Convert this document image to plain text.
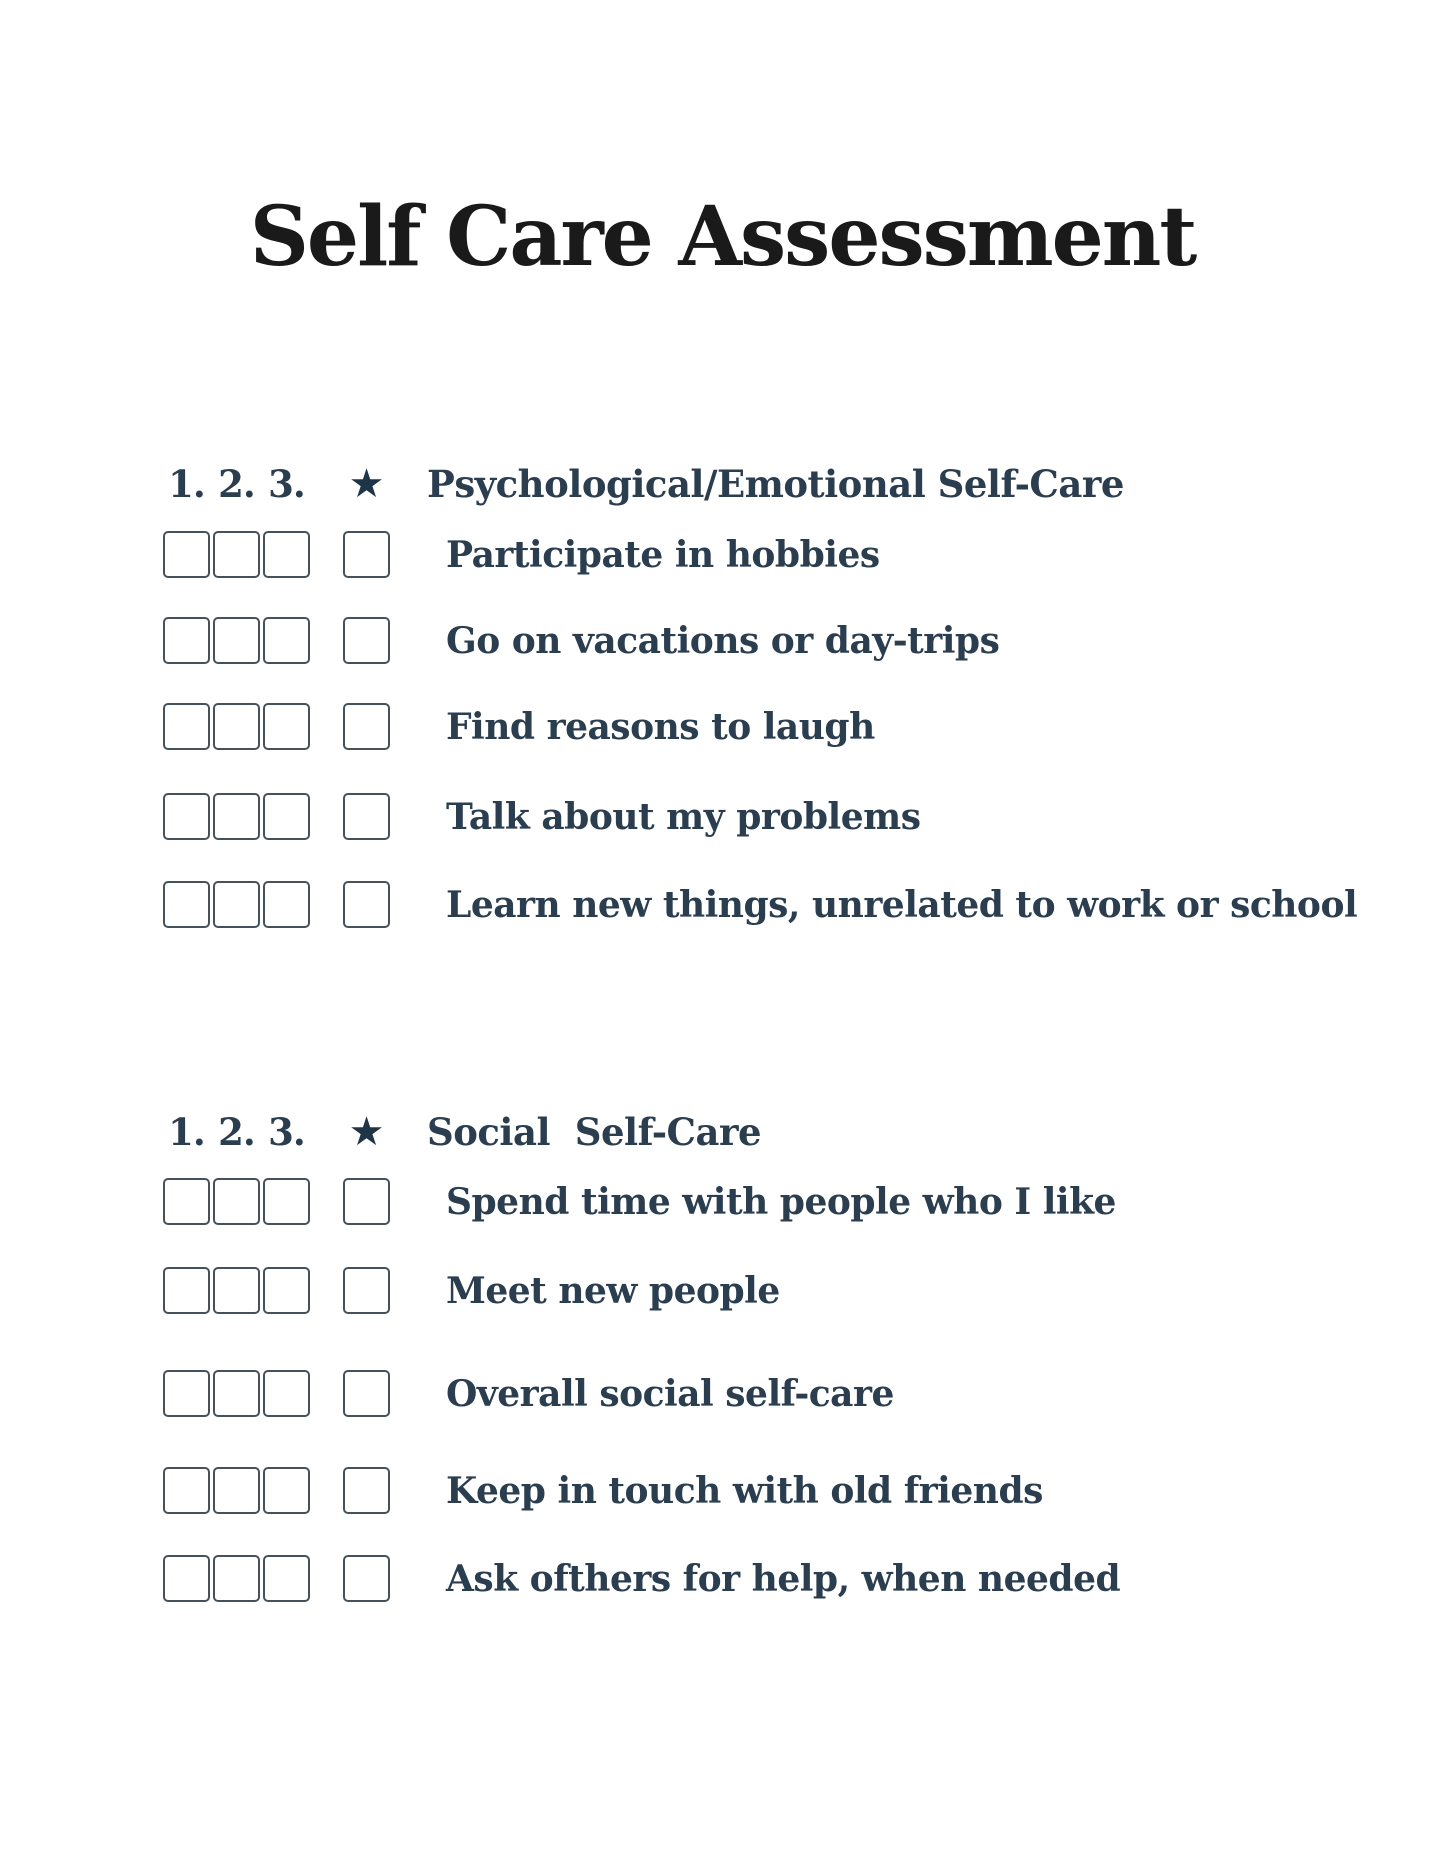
Self Care Assessment
1. 2. 3. ★ Psychological/Emotional Self-Care
Participate in hobbies
Go on vacations or day-trips
Find reasons to laugh
Talk about my problems
Learn new things, unrelated to work or school
1. 2. 3. ★ Social  Self-Care
Spend time with people who I like
Meet new people
Overall social self-care
Keep in touch with old friends
Ask ofthers for help, when needed
